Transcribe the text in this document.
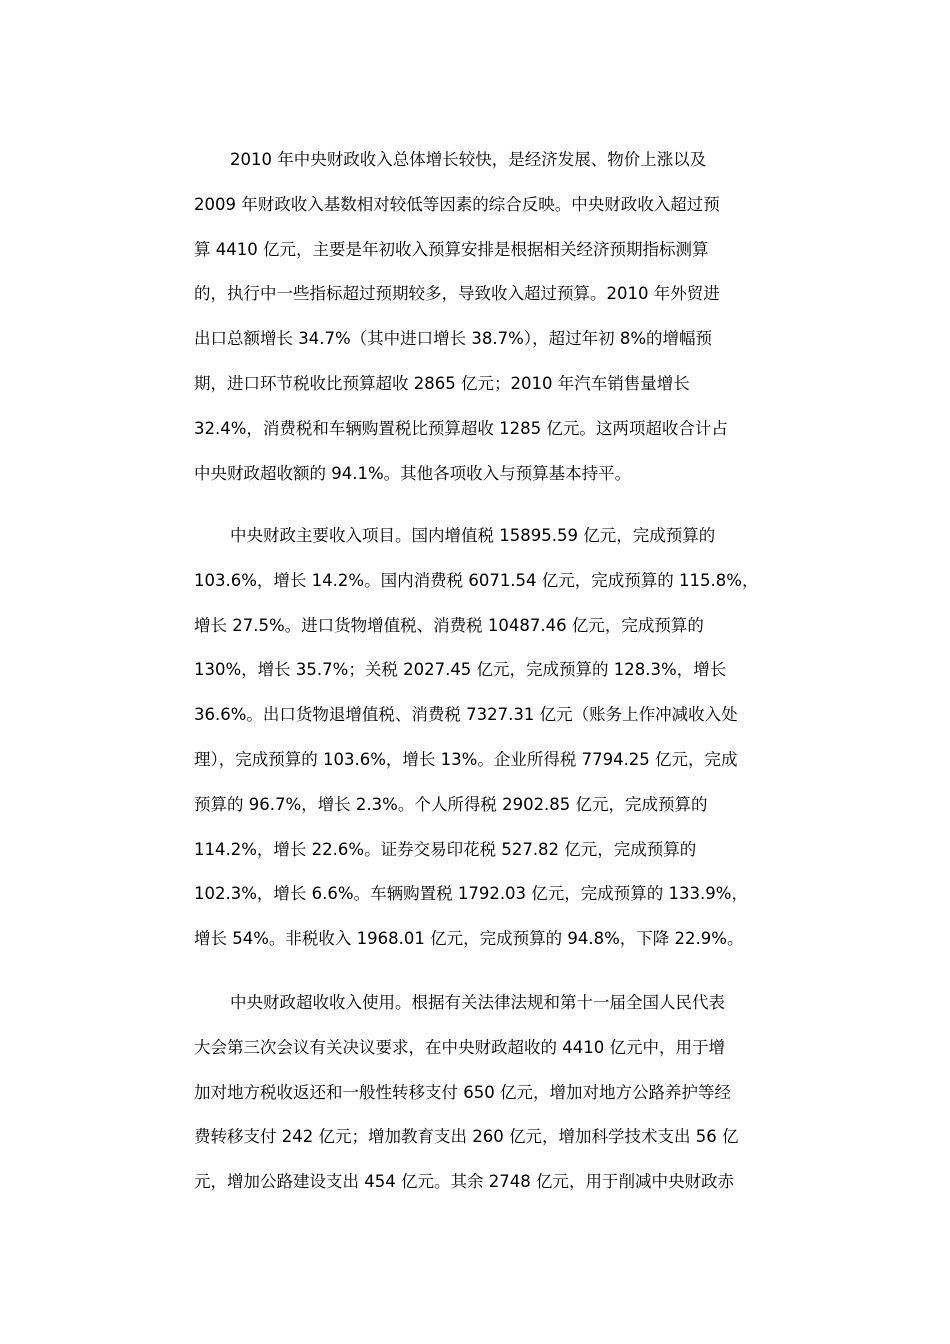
2010 年中央财政收入总体增长较快，是经济发展、物价上涨以及
2009 年财政收入基数相对较低等因素的综合反映。中央财政收入超过预
算 4410 亿元，主要是年初收入预算安排是根据相关经济预期指标测算
的，执行中一些指标超过预期较多，导致收入超过预算。2010 年外贸进
出口总额增长 34.7%（其中进口增长 38.7%），超过年初 8%的增幅预
期，进口环节税收比预算超收 2865 亿元；2010 年汽车销售量增长
32.4%，消费税和车辆购置税比预算超收 1285 亿元。这两项超收合计占
中央财政超收额的 94.1%。其他各项收入与预算基本持平。
中央财政主要收入项目。国内增值税 15895.59 亿元，完成预算的
103.6%，增长 14.2%。国内消费税 6071.54 亿元，完成预算的 115.8%，
增长 27.5%。进口货物增值税、消费税 10487.46 亿元，完成预算的
130%，增长 35.7%；关税 2027.45 亿元，完成预算的 128.3%，增长
36.6%。出口货物退增值税、消费税 7327.31 亿元（账务上作冲减收入处
理），完成预算的 103.6%，增长 13%。企业所得税 7794.25 亿元，完成
预算的 96.7%，增长 2.3%。个人所得税 2902.85 亿元，完成预算的
114.2%，增长 22.6%。证券交易印花税 527.82 亿元，完成预算的
102.3%，增长 6.6%。车辆购置税 1792.03 亿元，完成预算的 133.9%，
增长 54%。非税收入 1968.01 亿元，完成预算的 94.8%，下降 22.9%。
中央财政超收收入使用。根据有关法律法规和第十一届全国人民代表
大会第三次会议有关决议要求，在中央财政超收的 4410 亿元中，用于增
加对地方税收返还和一般性转移支付 650 亿元，增加对地方公路养护等经
费转移支付 242 亿元；增加教育支出 260 亿元，增加科学技术支出 56 亿
元，增加公路建设支出 454 亿元。其余 2748 亿元，用于削减中央财政赤
